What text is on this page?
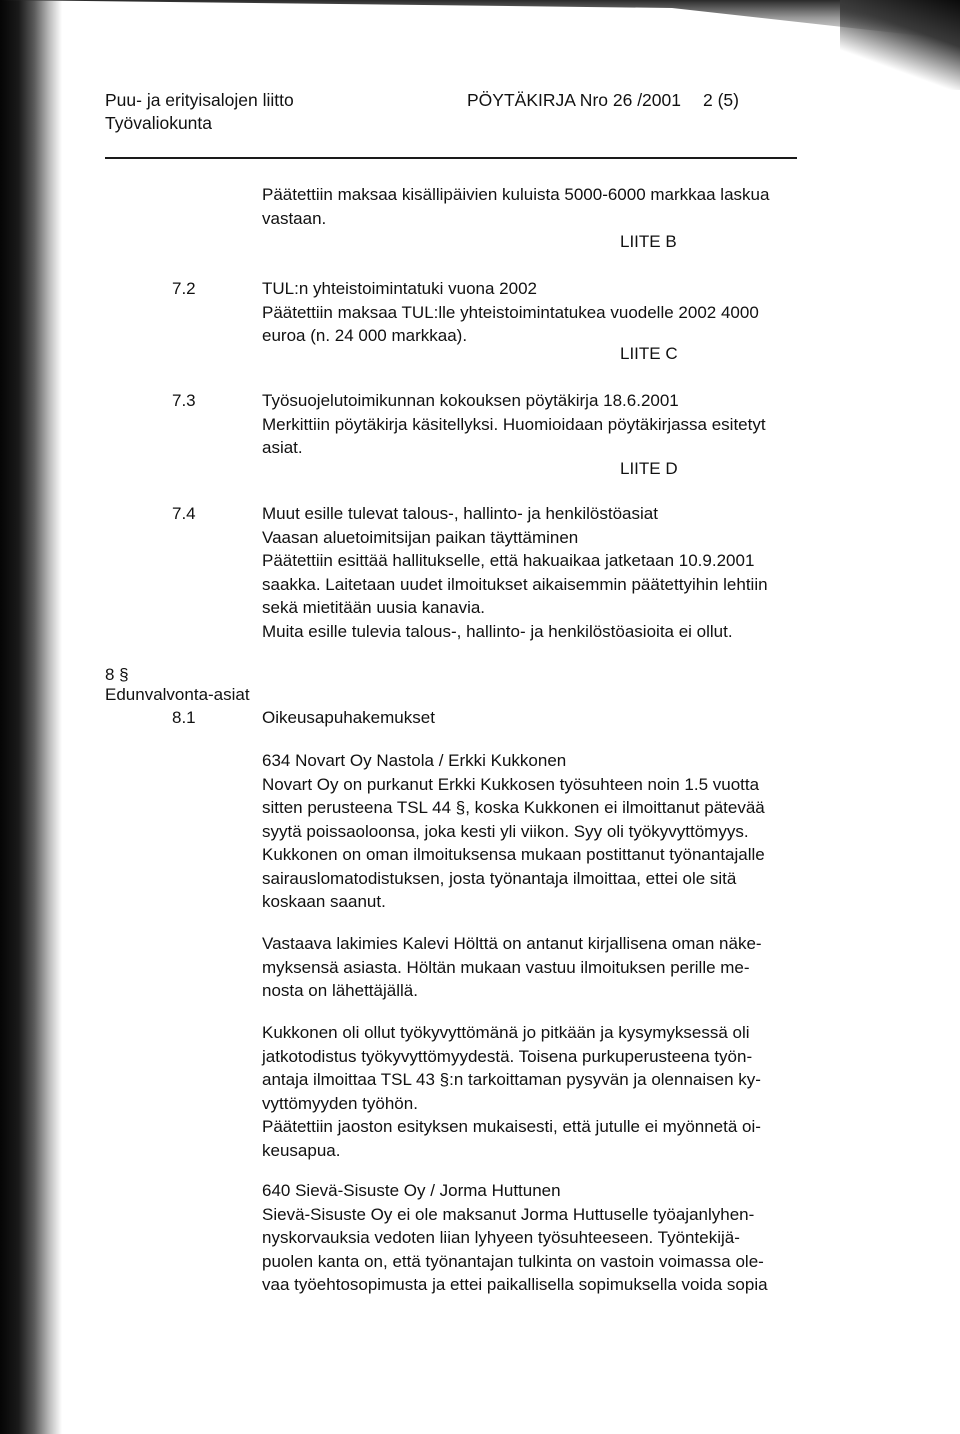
Puu- ja erityisalojen liitto
Työvaliokunta
PÖYTÄKIRJA Nro 26 /2001 2 (5)
Päätettiin maksaa kisällipäivien kuluista 5000-6000 markkaa laskua
vastaan.
LIITE B
7.2	TUL:n yhteistoimintatuki vuona 2002
Päätettiin maksaa TUL:lle yhteistoimintatukea vuodelle 2002 4000
euroa (n. 24 000 markkaa).
LIITE C
7.3	Työsuojelutoimikunnan kokouksen pöytäkirja 18.6.2001
Merkittiin pöytäkirja käsitellyksi. Huomioidaan pöytäkirjassa esitetyt
asiat.
LIITE D
7.4	Muut esille tulevat talous-, hallinto- ja henkilöstöasiat
Vaasan aluetoimitsijan paikan täyttäminen
Päätettiin esittää hallitukselle, että hakuaikaa jatketaan 10.9.2001
saakka. Laitetaan uudet ilmoitukset aikaisemmin päätettyihin lehtiin
sekä mietitään uusia kanavia.
Muita esille tulevia talous-, hallinto- ja henkilöstöasioita ei ollut.
8 §
Edunvalvonta-asiat
8.1	Oikeusapuhakemukset
634 Novart Oy Nastola / Erkki Kukkonen
Novart Oy on purkanut Erkki Kukkosen työsuhteen noin 1.5 vuotta
sitten perusteena TSL 44 §, koska Kukkonen ei ilmoittanut pätevää
syytä poissaoloonsa, joka kesti yli viikon. Syy oli työkyvyttömyys.
Kukkonen on oman ilmoituksensa mukaan postittanut työnantajalle
sairauslomatodistuksen, josta työnantaja ilmoittaa, ettei ole sitä
koskaan saanut.
Vastaava lakimies Kalevi Hölttä on antanut kirjallisena oman näke-
myksensä asiasta. Höltän mukaan vastuu ilmoituksen perille me-
nosta on lähettäjällä.
Kukkonen oli ollut työkyvyttömänä jo pitkään ja kysymyksessä oli
jatkotodistus työkyvyttömyydestä. Toisena purkuperusteena työn-
antaja ilmoittaa TSL 43 §:n tarkoittaman pysyvän ja olennaisen ky-
vyttömyyden työhön.
Päätettiin jaoston esityksen mukaisesti, että jutulle ei myönnetä oi-
keusapua.
640 Sievä-Sisuste Oy / Jorma Huttunen
Sievä-Sisuste Oy ei ole maksanut Jorma Huttuselle työajanlyhen-
nyskorvauksia vedoten liian lyhyeen työsuhteeseen. Työntekijä-
puolen kanta on, että työnantajan tulkinta on vastoin voimassa ole-
vaa työehtosopimusta ja ettei paikallisella sopimuksella voida sopia
